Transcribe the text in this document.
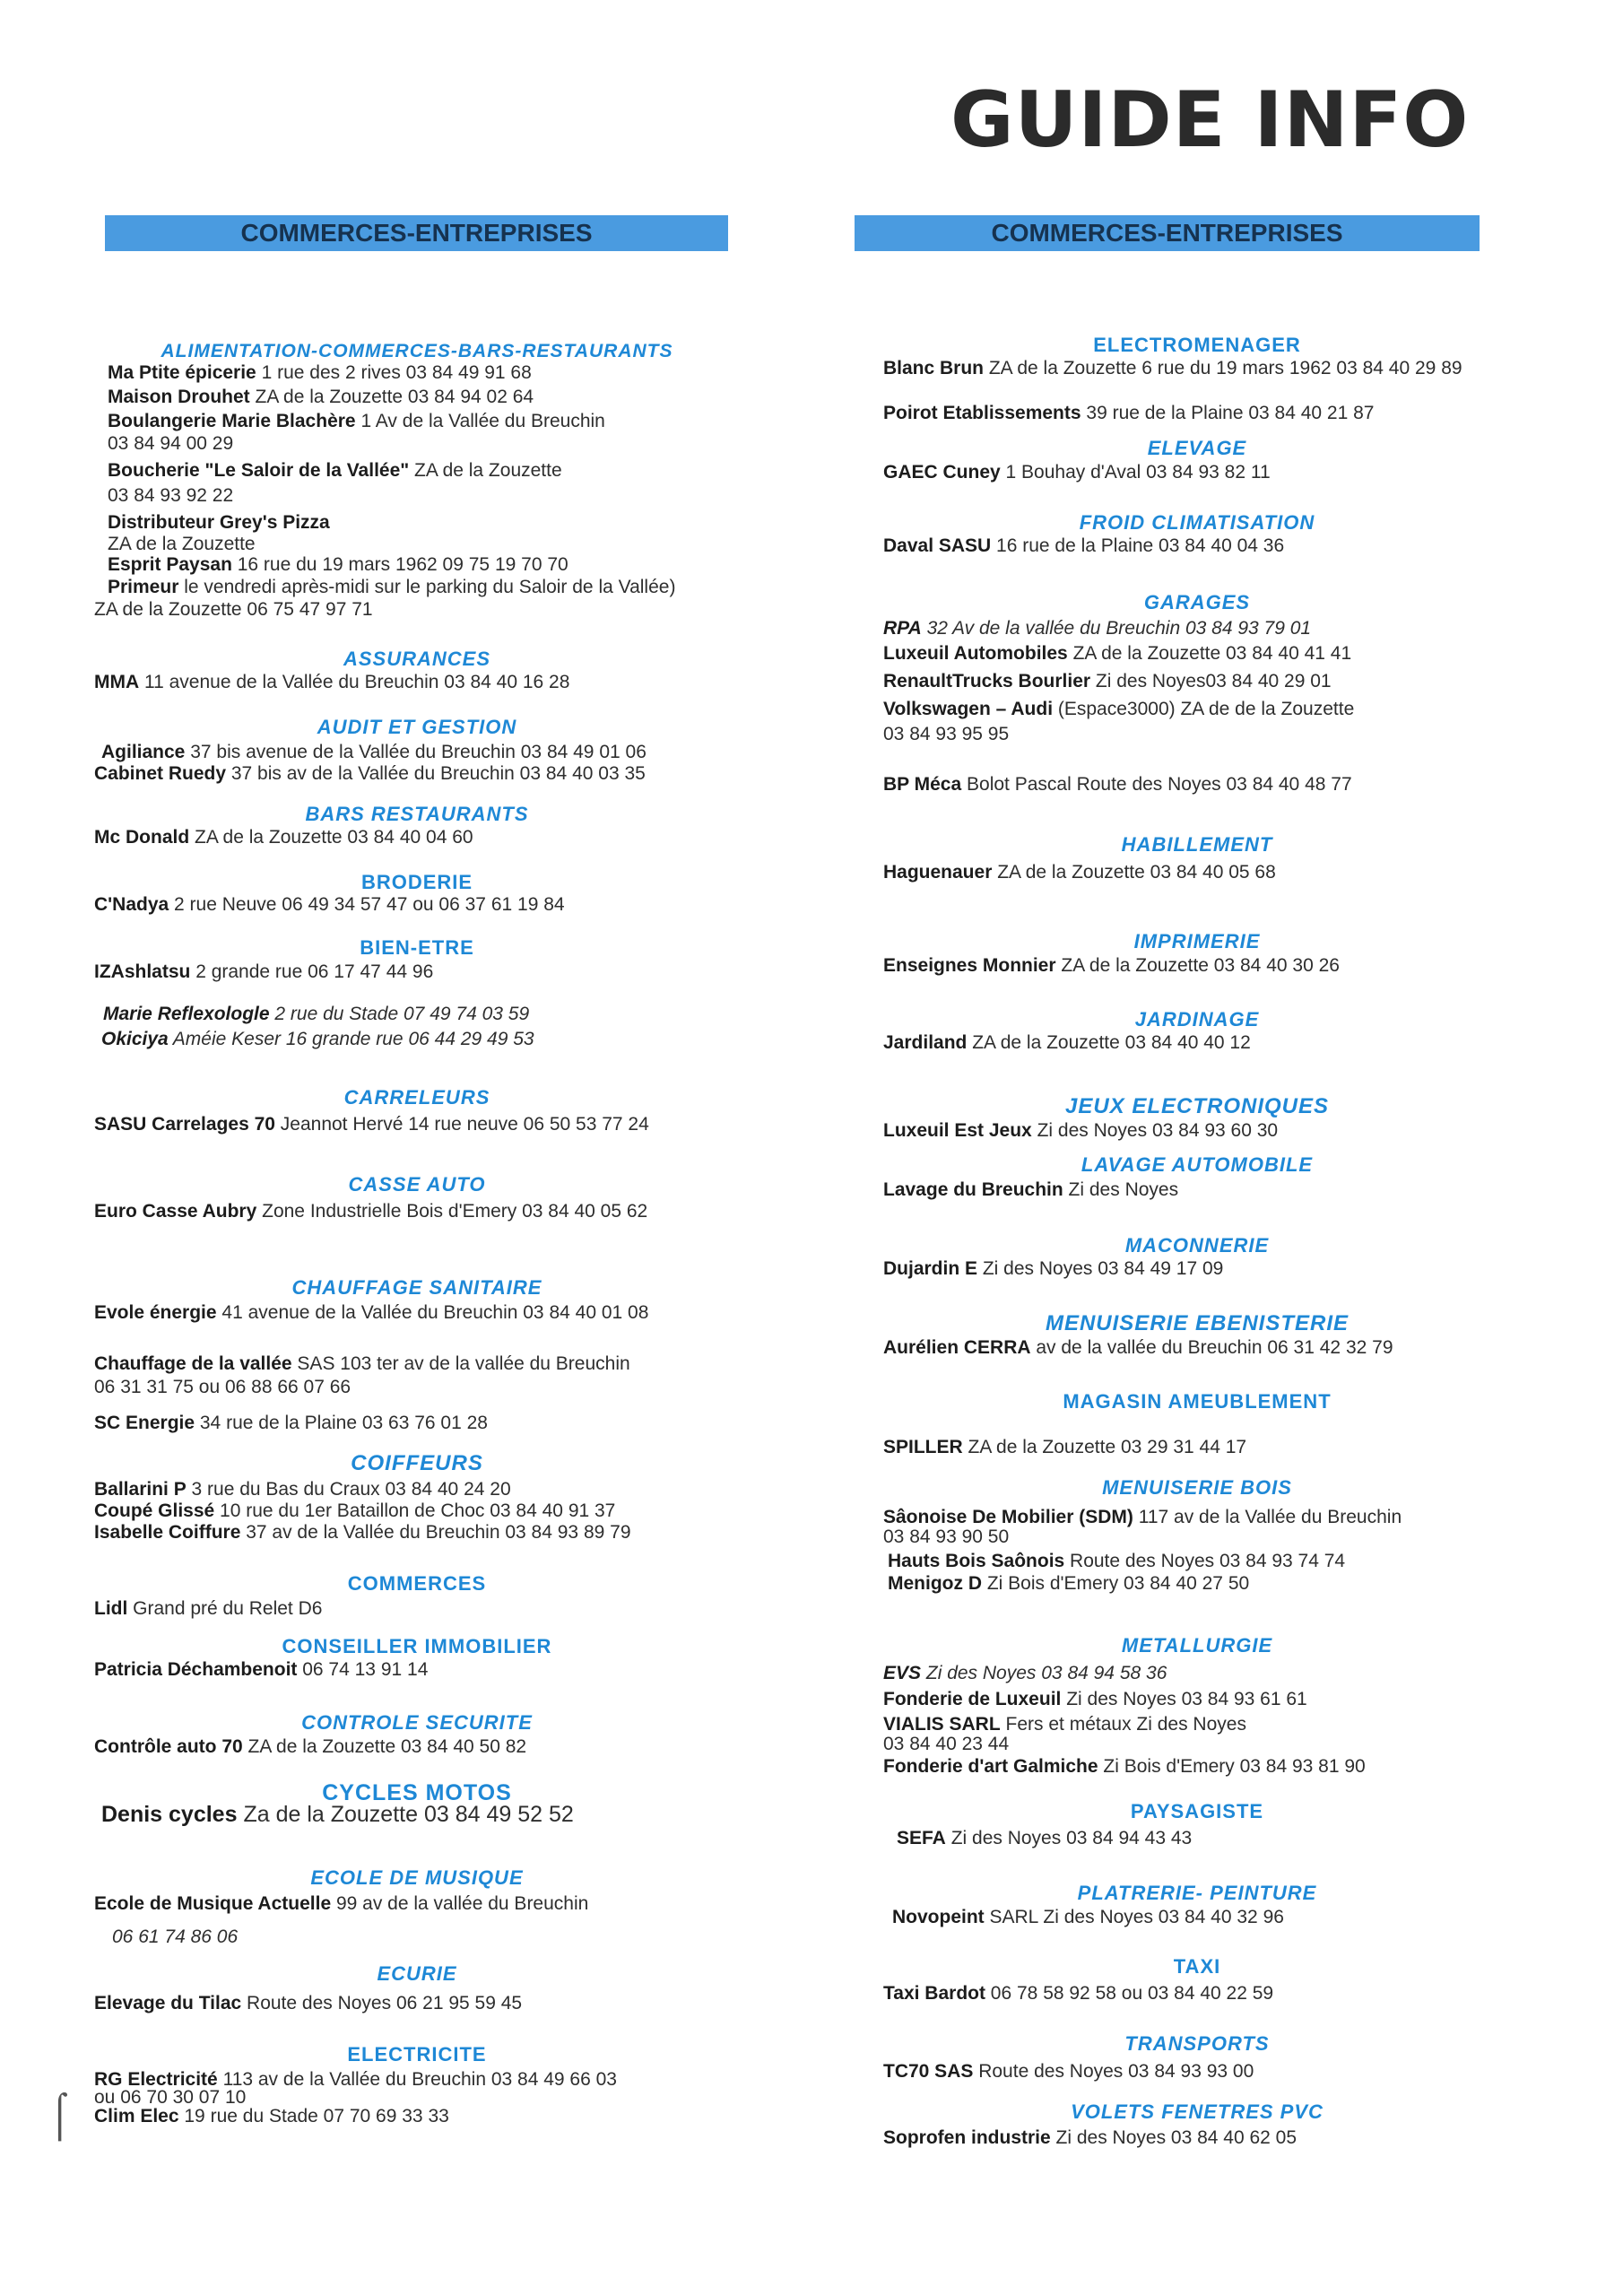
GUIDE INFO
COMMERCES-ENTREPRISES	COMMERCES-ENTREPRISES
ALIMENTATION-COMMERCES-BARS-RESTAURANTS
Ma Ptite épicerie 1 rue des 2 rives 03 84 49 91 68
Maison Drouhet ZA de la Zouzette 03 84 94 02 64
Boulangerie Marie Blachère 1 Av de la Vallée du Breuchin
03 84 94 00 29
Boucherie "Le Saloir de la Vallée" ZA de la Zouzette
03 84 93 92 22
Distributeur Grey's Pizza
ZA de la Zouzette
Esprit Paysan 16 rue du 19 mars 1962 09 75 19 70 70
Primeur le vendredi après-midi sur le parking du Saloir de la Vallée)
ZA de la Zouzette 06 75 47 97 71
ASSURANCES
MMA 11 avenue de la Vallée du Breuchin 03 84 40 16 28
AUDIT ET GESTION
Agiliance 37 bis avenue de la Vallée du Breuchin 03 84 49 01 06
Cabinet Ruedy 37 bis av de la Vallée du Breuchin 03 84 40 03 35
BARS RESTAURANTS
Mc Donald ZA de la Zouzette 03 84 40 04 60
BRODERIE
C'Nadya 2 rue Neuve 06 49 34 57 47 ou 06 37 61 19 84
BIEN-ETRE
IZAshlatsu 2 grande rue 06 17 47 44 96
Marie Reflexologle 2 rue du Stade 07 49 74 03 59
Okiciya Améie Keser 16 grande rue 06 44 29 49 53
CARRELEURS
SASU Carrelages 70 Jeannot Hervé 14 rue neuve 06 50 53 77 24
CASSE AUTO
Euro Casse Aubry Zone Industrielle Bois d'Emery 03 84 40 05 62
CHAUFFAGE SANITAIRE
Evole énergie 41 avenue de la Vallée du Breuchin 03 84 40 01 08
Chauffage de la vallée SAS 103 ter av de la vallée du Breuchin
06 31 31 75 ou 06 88 66 07 66
SC Energie 34 rue de la Plaine 03 63 76 01 28
COIFFEURS
Ballarini P 3 rue du Bas du Craux 03 84 40 24 20
Coupé Glissé 10 rue du 1er Bataillon de Choc 03 84 40 91 37
Isabelle Coiffure 37 av de la Vallée du Breuchin 03 84 93 89 79
COMMERCES
Lidl Grand pré du Relet D6
CONSEILLER IMMOBILIER
Patricia Déchambenoit 06 74 13 91 14
CONTROLE SECURITE
Contrôle auto 70 ZA de la Zouzette 03 84 40 50 82
CYCLES MOTOS
Denis cycles Za de la Zouzette 03 84 49 52 52
ECOLE DE MUSIQUE
Ecole de Musique Actuelle 99 av de la vallée du Breuchin
06 61 74 86 06
ECURIE
Elevage du Tilac Route des Noyes 06 21 95 59 45
ELECTRICITE
RG Electricité 113 av de la Vallée du Breuchin 03 84 49 66 03
ou 06 70 30 07 10
Clim Elec 19 rue du Stade 07 70 69 33 33
ELECTROMENAGER
Blanc Brun ZA de la Zouzette 6 rue du 19 mars 1962 03 84 40 29 89
Poirot Etablissements 39 rue de la Plaine 03 84 40 21 87
ELEVAGE
GAEC Cuney 1 Bouhay d'Aval 03 84 93 82 11
FROID CLIMATISATION
Daval SASU 16 rue de la Plaine 03 84 40 04 36
GARAGES
RPA 32 Av de la vallée du Breuchin 03 84 93 79 01
Luxeuil Automobiles ZA de la Zouzette 03 84 40 41 41
RenaultTrucks Bourlier Zi des Noyes03 84 40 29 01
Volkswagen – Audi (Espace3000) ZA de de la Zouzette
03 84 93 95 95
BP Méca Bolot Pascal Route des Noyes 03 84 40 48 77
HABILLEMENT
Haguenauer ZA de la Zouzette 03 84 40 05 68
IMPRIMERIE
Enseignes Monnier ZA de la Zouzette 03 84 40 30 26
JARDINAGE
Jardiland ZA de la Zouzette 03 84 40 40 12
JEUX ELECTRONIQUES
Luxeuil Est Jeux Zi des Noyes 03 84 93 60 30
LAVAGE AUTOMOBILE
Lavage du Breuchin Zi des Noyes
MACONNERIE
Dujardin E Zi des Noyes 03 84 49 17 09
MENUISERIE EBENISTERIE
Aurélien CERRA av de la vallée du Breuchin 06 31 42 32 79
MAGASIN AMEUBLEMENT
SPILLER ZA de la Zouzette 03 29 31 44 17
MENUISERIE BOIS
Sâonoise De Mobilier (SDM) 117 av de la Vallée du Breuchin
03 84 93 90 50
Hauts Bois Saônois Route des Noyes 03 84 93 74 74
Menigoz D Zi Bois d'Emery 03 84 40 27 50
METALLURGIE
EVS Zi des Noyes 03 84 94 58 36
Fonderie de Luxeuil Zi des Noyes 03 84 93 61 61
VIALIS SARL Fers et métaux Zi des Noyes
03 84 40 23 44
Fonderie d'art Galmiche Zi Bois d'Emery 03 84 93 81 90
PAYSAGISTE
SEFA Zi des Noyes 03 84 94 43 43
PLATRERIE- PEINTURE
Novopeint SARL Zi des Noyes 03 84 40 32 96
TAXI
Taxi Bardot 06 78 58 92 58 ou 03 84 40 22 59
TRANSPORTS
TC70 SAS Route des Noyes 03 84 93 93 00
VOLETS FENETRES PVC
Soprofen industrie Zi des Noyes 03 84 40 62 05
⌠
